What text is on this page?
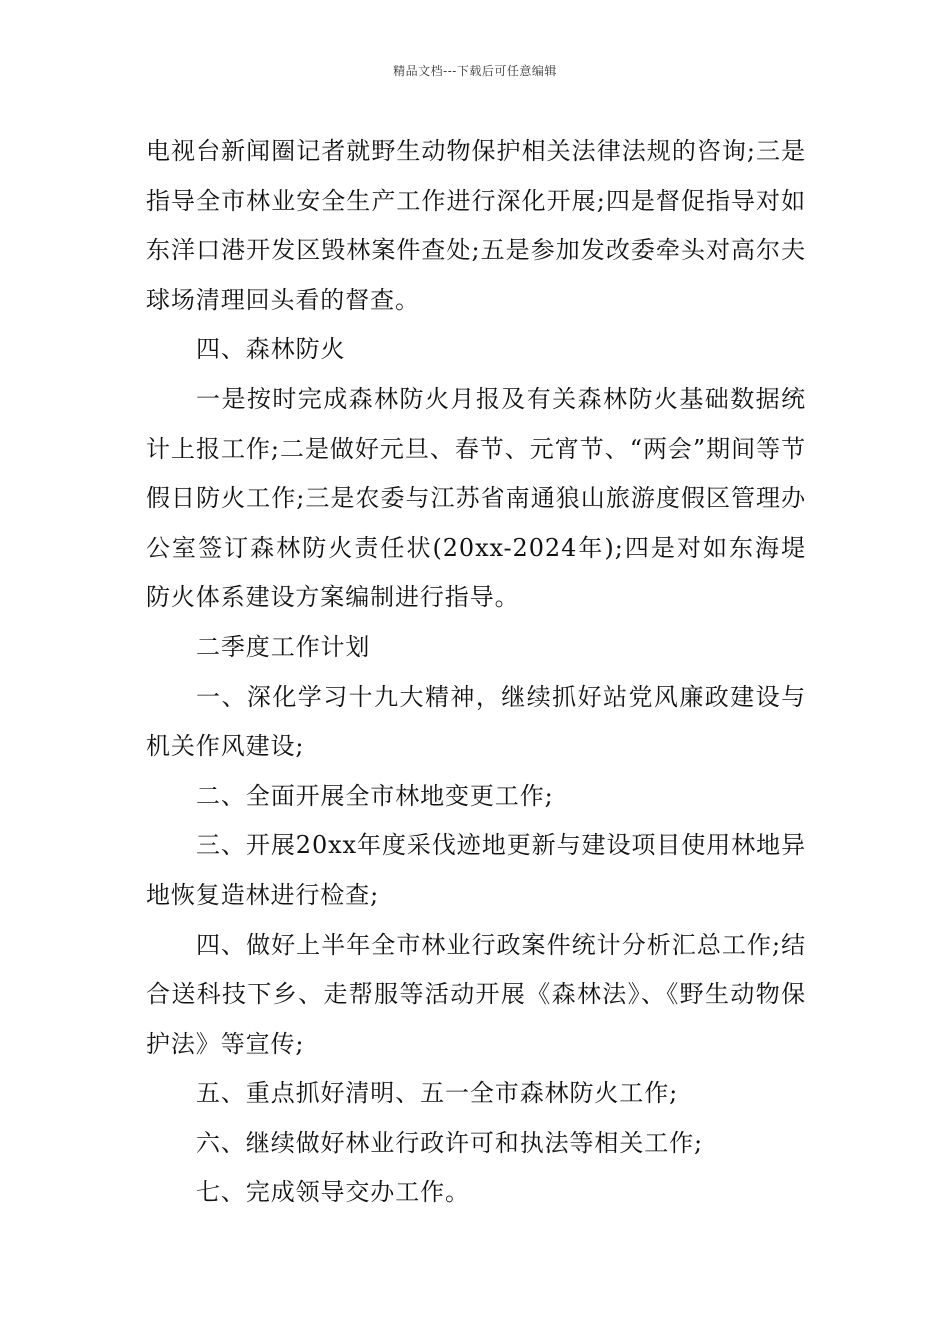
精品文档---下载后可任意编辑

电视台新闻圈记者就野生动物保护相关法律法规的咨询;三是指导全市林业安全生产工作进行深化开展;四是督促指导对如东洋口港开发区毁林案件查处;五是参加发改委牵头对高尔夫球场清理回头看的督查。

四、森林防火

一是按时完成森林防火月报及有关森林防火基础数据统计上报工作;二是做好元旦、春节、元宵节、“两会”期间等节假日防火工作;三是农委与江苏省南通狼山旅游度假区管理办公室签订森林防火责任状(20xx-2024年);四是对如东海堤防火体系建设方案编制进行指导。

二季度工作计划

一、深化学习十九大精神，继续抓好站党风廉政建设与机关作风建设;

二、全面开展全市林地变更工作;

三、开展20xx年度采伐迹地更新与建设项目使用林地异地恢复造林进行检查;

四、做好上半年全市林业行政案件统计分析汇总工作;结合送科技下乡、走帮服等活动开展《森林法》、《野生动物保护法》等宣传;

五、重点抓好清明、五一全市森林防火工作;

六、继续做好林业行政许可和执法等相关工作;

七、完成领导交办工作。
